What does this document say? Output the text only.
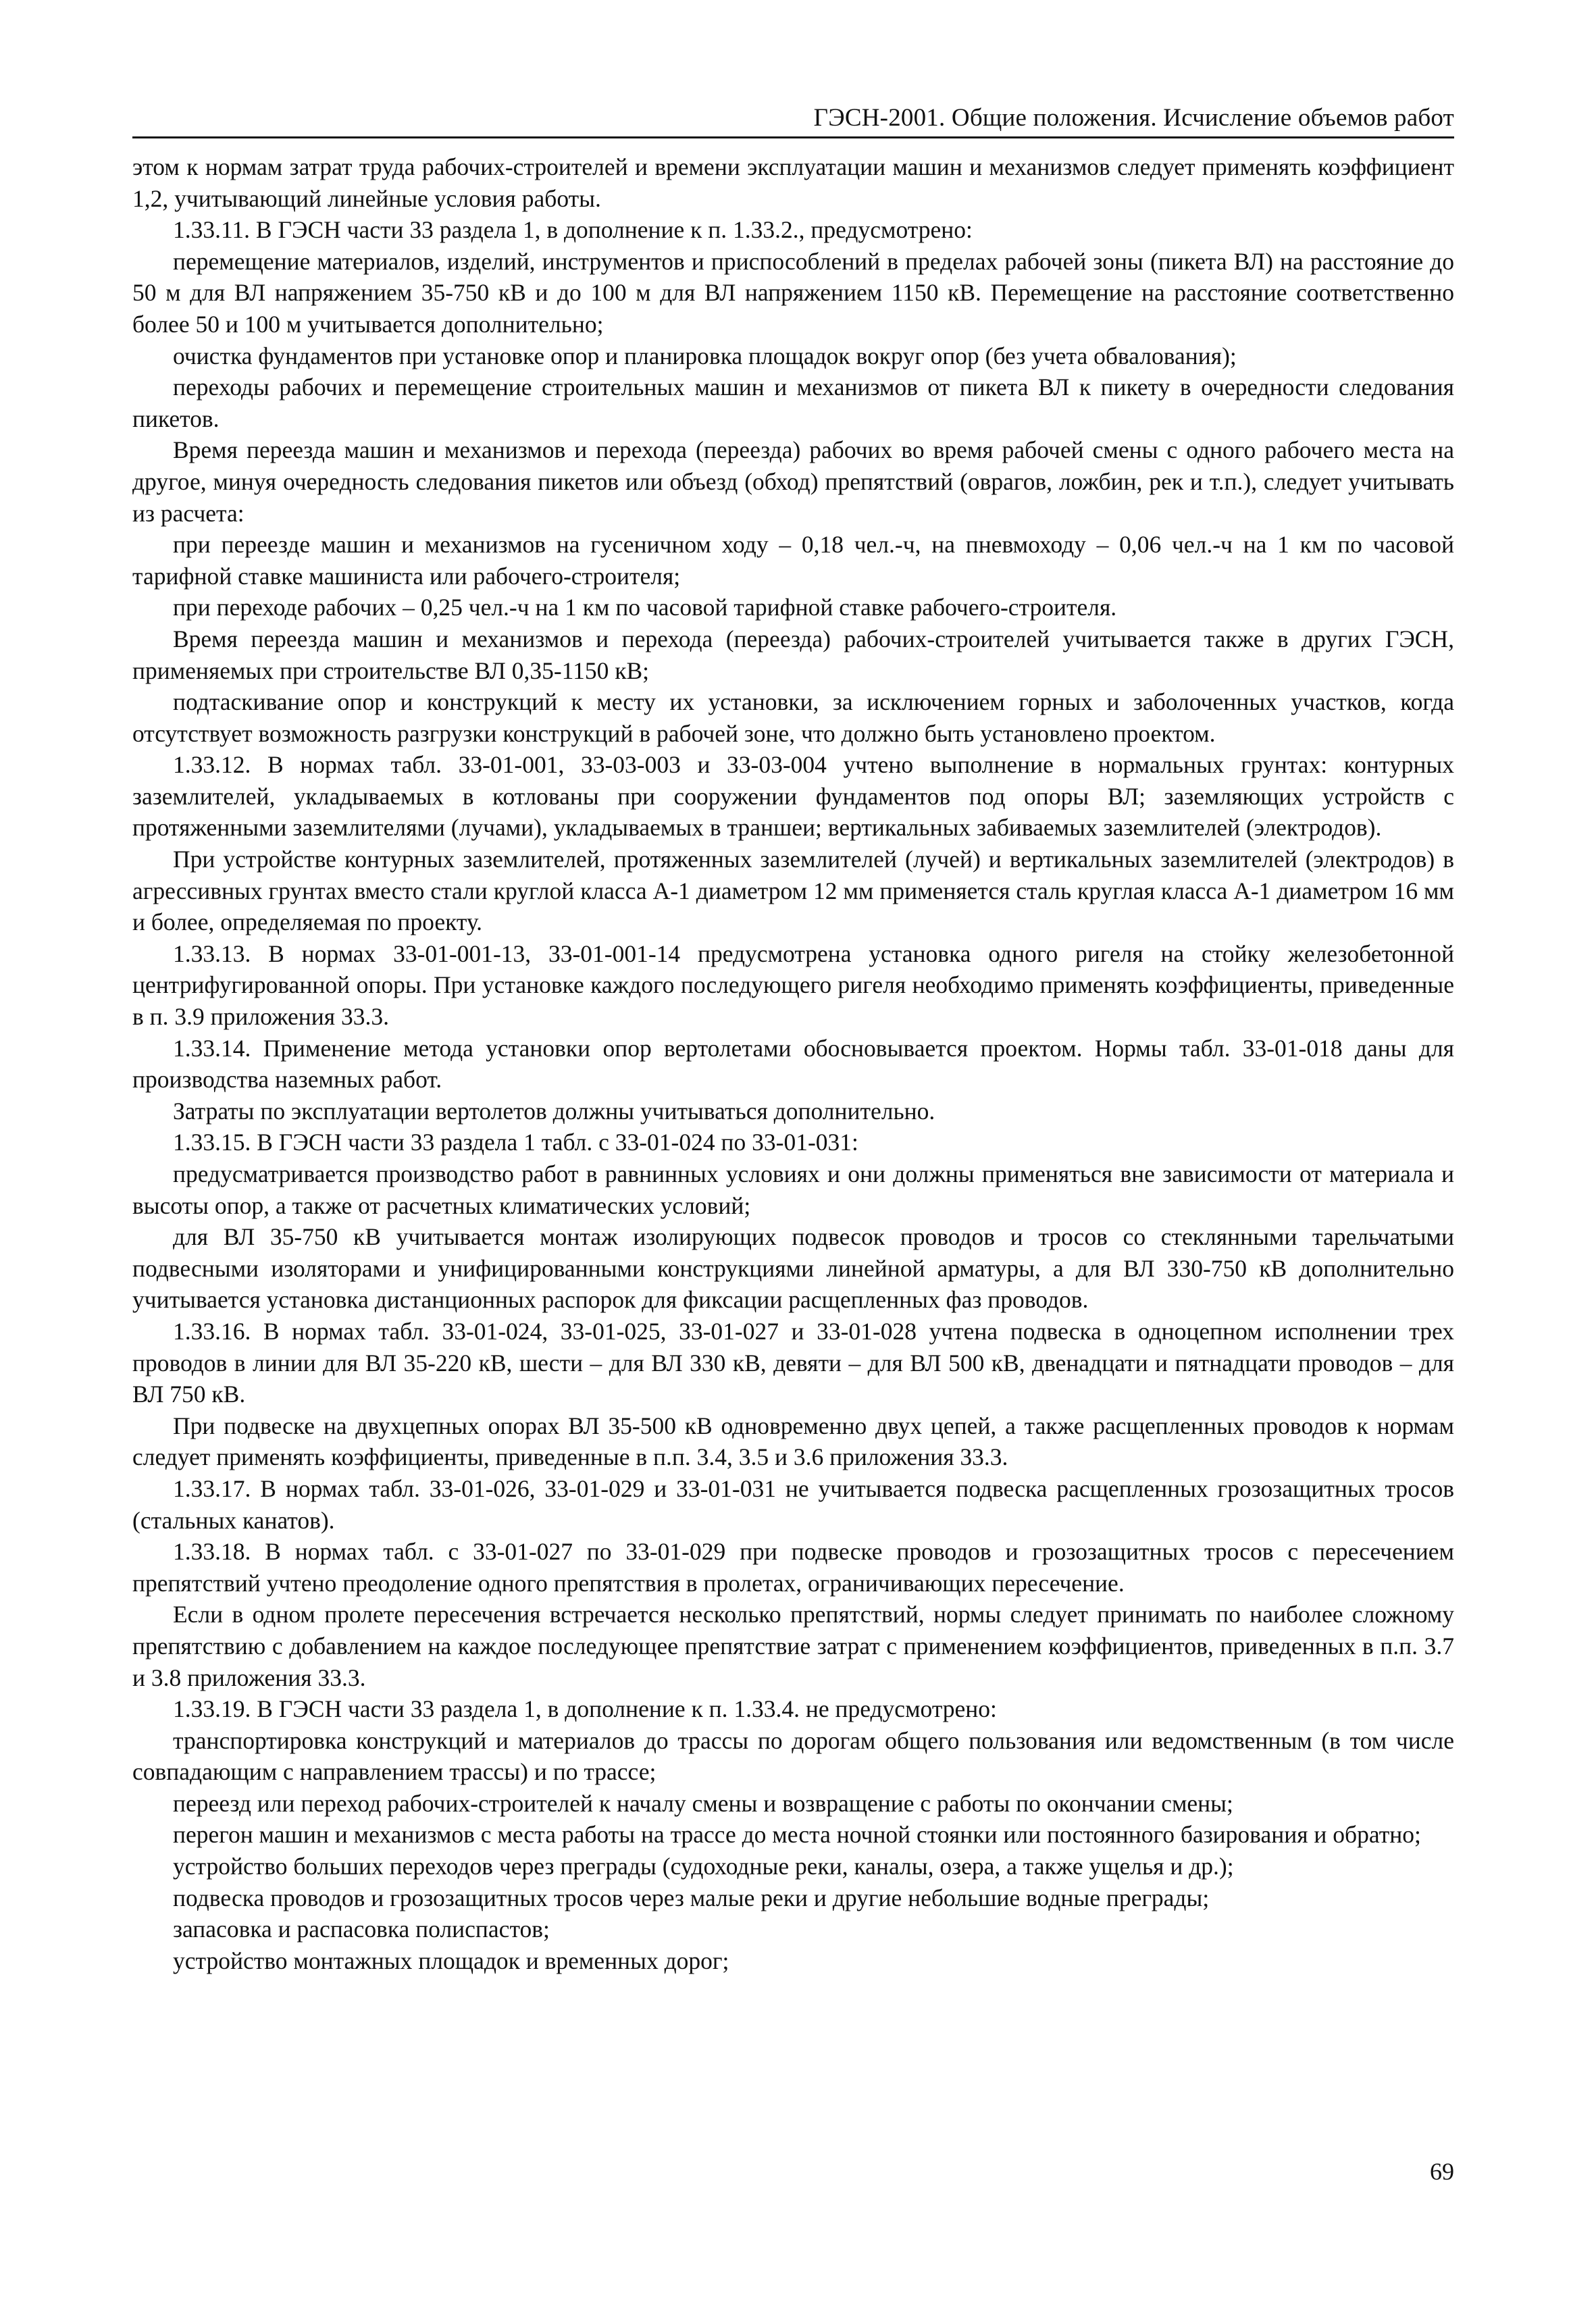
ГЭСН-2001. Общие положения. Исчисление объемов работ

этом к нормам затрат труда рабочих-строителей и времени эксплуатации машин и механизмов следует применять коэффициент 1,2, учитывающий линейные условия работы.

1.33.11. В ГЭСН части 33 раздела 1, в дополнение к п. 1.33.2., предусмотрено:

перемещение материалов, изделий, инструментов и приспособлений в пределах рабочей зоны (пикета ВЛ) на расстояние до 50 м для ВЛ напряжением 35-750 кВ и до 100 м для ВЛ напряжением 1150 кВ. Перемещение на расстояние соответственно более 50 и 100 м учитывается дополнительно;

очистка фундаментов при установке опор и планировка площадок вокруг опор (без учета обвалования);

переходы рабочих и перемещение строительных машин и механизмов от пикета ВЛ к пикету в очередности следования пикетов.

Время переезда машин и механизмов и перехода (переезда) рабочих во время рабочей смены с одного рабочего места на другое, минуя очередность следования пикетов или объезд (обход) препятствий (оврагов, ложбин, рек и т.п.), следует учитывать из расчета:

при переезде машин и механизмов на гусеничном ходу – 0,18 чел.-ч, на пневмоходу – 0,06 чел.-ч на 1 км по часовой тарифной ставке машиниста или рабочего-строителя;

при переходе рабочих – 0,25 чел.-ч на 1 км по часовой тарифной ставке рабочего-строителя.

Время переезда машин и механизмов и перехода (переезда) рабочих-строителей учитывается также в других ГЭСН, применяемых при строительстве ВЛ 0,35-1150 кВ;

подтаскивание опор и конструкций к месту их установки, за исключением горных и заболоченных участков, когда отсутствует возможность разгрузки конструкций в рабочей зоне, что должно быть установлено проектом.

1.33.12. В нормах табл. 33-01-001, 33-03-003 и 33-03-004 учтено выполнение в нормальных грунтах: контурных заземлителей, укладываемых в котлованы при сооружении фундаментов под опоры ВЛ; заземляющих устройств с протяженными заземлителями (лучами), укладываемых в траншеи; вертикальных забиваемых заземлителей (электродов).

При устройстве контурных заземлителей, протяженных заземлителей (лучей) и вертикальных заземлителей (электродов) в агрессивных грунтах вместо стали круглой класса А-1 диаметром 12 мм применяется сталь круглая класса А-1 диаметром 16 мм и более, определяемая по проекту.

1.33.13. В нормах 33-01-001-13, 33-01-001-14 предусмотрена установка одного ригеля на стойку железобетонной центрифугированной опоры. При установке каждого последующего ригеля необходимо применять коэффициенты, приведенные в п. 3.9 приложения 33.3.

1.33.14. Применение метода установки опор вертолетами обосновывается проектом. Нормы табл. 33-01-018 даны для производства наземных работ.

Затраты по эксплуатации вертолетов должны учитываться дополнительно.

1.33.15. В ГЭСН части 33 раздела 1 табл. с 33-01-024 по 33-01-031:

предусматривается производство работ в равнинных условиях и они должны применяться вне зависимости от материала и высоты опор, а также от расчетных климатических условий;

для ВЛ 35-750 кВ учитывается монтаж изолирующих подвесок проводов и тросов со стеклянными тарельчатыми подвесными изоляторами и унифицированными конструкциями линейной арматуры, а для ВЛ 330-750 кВ дополнительно учитывается установка дистанционных распорок для фиксации расщепленных фаз проводов.

1.33.16. В нормах табл. 33-01-024, 33-01-025, 33-01-027 и 33-01-028 учтена подвеска в одноцепном исполнении трех проводов в линии для ВЛ 35-220 кВ, шести – для ВЛ 330 кВ, девяти – для ВЛ 500 кВ, двенадцати и пятнадцати проводов – для ВЛ 750 кВ.

При подвеске на двухцепных опорах ВЛ 35-500 кВ одновременно двух цепей, а также расщепленных проводов к нормам следует применять коэффициенты, приведенные в п.п. 3.4, 3.5 и 3.6 приложения 33.3.

1.33.17. В нормах табл. 33-01-026, 33-01-029 и 33-01-031 не учитывается подвеска расщепленных грозозащитных тросов (стальных канатов).

1.33.18. В нормах табл. с 33-01-027 по 33-01-029 при подвеске проводов и грозозащитных тросов с пересечением препятствий учтено преодоление одного препятствия в пролетах, ограничивающих пересечение.

Если в одном пролете пересечения встречается несколько препятствий, нормы следует принимать по наиболее сложному препятствию с добавлением на каждое последующее препятствие затрат с применением коэффициентов, приведенных в п.п. 3.7 и 3.8 приложения 33.3.

1.33.19. В ГЭСН части 33 раздела 1, в дополнение к п. 1.33.4. не предусмотрено:

транспортировка конструкций и материалов до трассы по дорогам общего пользования или ведомственным (в том числе совпадающим с направлением трассы) и по трассе;

переезд или переход рабочих-строителей к началу смены и возвращение с работы по окончании смены;

перегон машин и механизмов с места работы на трассе до места ночной стоянки или постоянного базирования и обратно;

устройство больших переходов через преграды (судоходные реки, каналы, озера, а также ущелья и др.);

подвеска проводов и грозозащитных тросов через малые реки и другие небольшие водные преграды;

запасовка и распасовка полиспастов;

устройство монтажных площадок и временных дорог;

69
